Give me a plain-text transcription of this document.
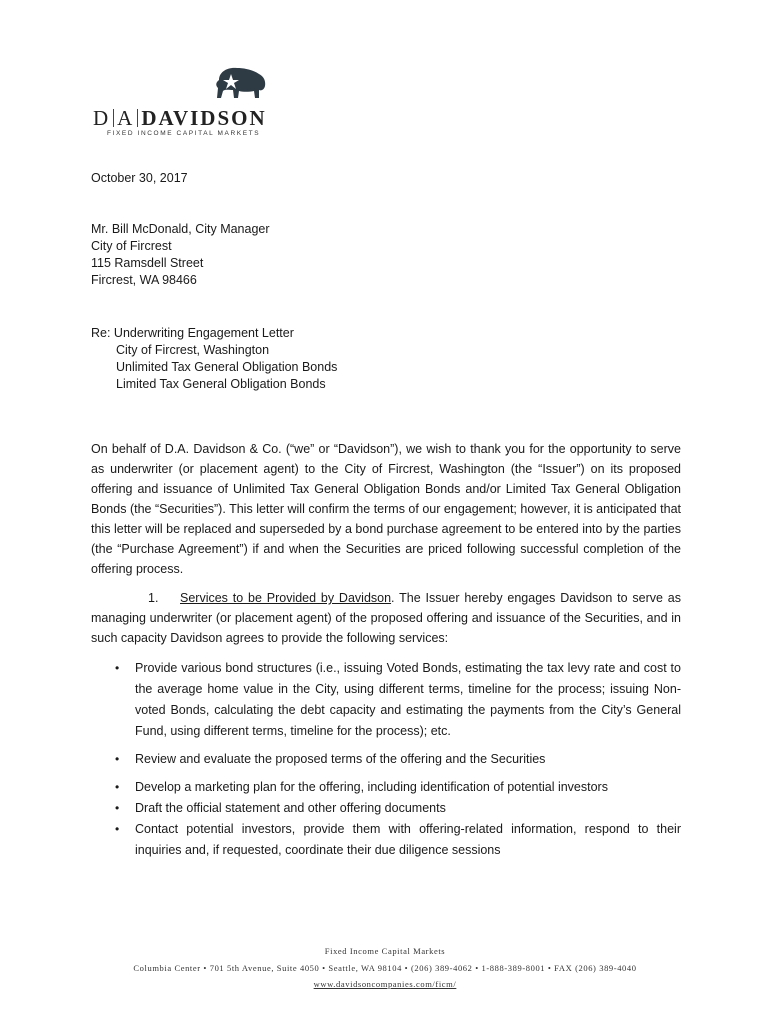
D A DAVIDSON
FIXED INCOME CAPITAL MARKETS
October 30, 2017
Mr. Bill McDonald, City Manager
City of Fircrest
115 Ramsdell Street
Fircrest, WA 98466
Re: Underwriting Engagement Letter
City of Fircrest, Washington
Unlimited Tax General Obligation Bonds
Limited Tax General Obligation Bonds
On behalf of D.A. Davidson & Co. (“we” or “Davidson”), we wish to thank you for the opportunity to serve as underwriter (or placement agent) to the City of Fircrest, Washington (the “Issuer”) on its proposed offering and issuance of Unlimited Tax General Obligation Bonds and/or Limited Tax General Obligation Bonds (the “Securities”). This letter will confirm the terms of our engagement; however, it is anticipated that this letter will be replaced and superseded by a bond purchase agreement to be entered into by the parties (the “Purchase Agreement”) if and when the Securities are priced following successful completion of the offering process.
1. Services to be Provided by Davidson. The Issuer hereby engages Davidson to serve as managing underwriter (or placement agent) of the proposed offering and issuance of the Securities, and in such capacity Davidson agrees to provide the following services:
• Provide various bond structures (i.e., issuing Voted Bonds, estimating the tax levy rate and cost to the average home value in the City, using different terms, timeline for the process; issuing Non-voted Bonds, calculating the debt capacity and estimating the payments from the City’s General Fund, using different terms, timeline for the process); etc.
• Review and evaluate the proposed terms of the offering and the Securities
• Develop a marketing plan for the offering, including identification of potential investors
• Draft the official statement and other offering documents
• Contact potential investors, provide them with offering-related information, respond to their inquiries and, if requested, coordinate their due diligence sessions
Fixed Income Capital Markets
Columbia Center • 701 5th Avenue, Suite 4050 • Seattle, WA 98104 • (206) 389-4062 • 1-888-389-8001 • FAX (206) 389-4040
www.davidsoncompanies.com/ficm/
